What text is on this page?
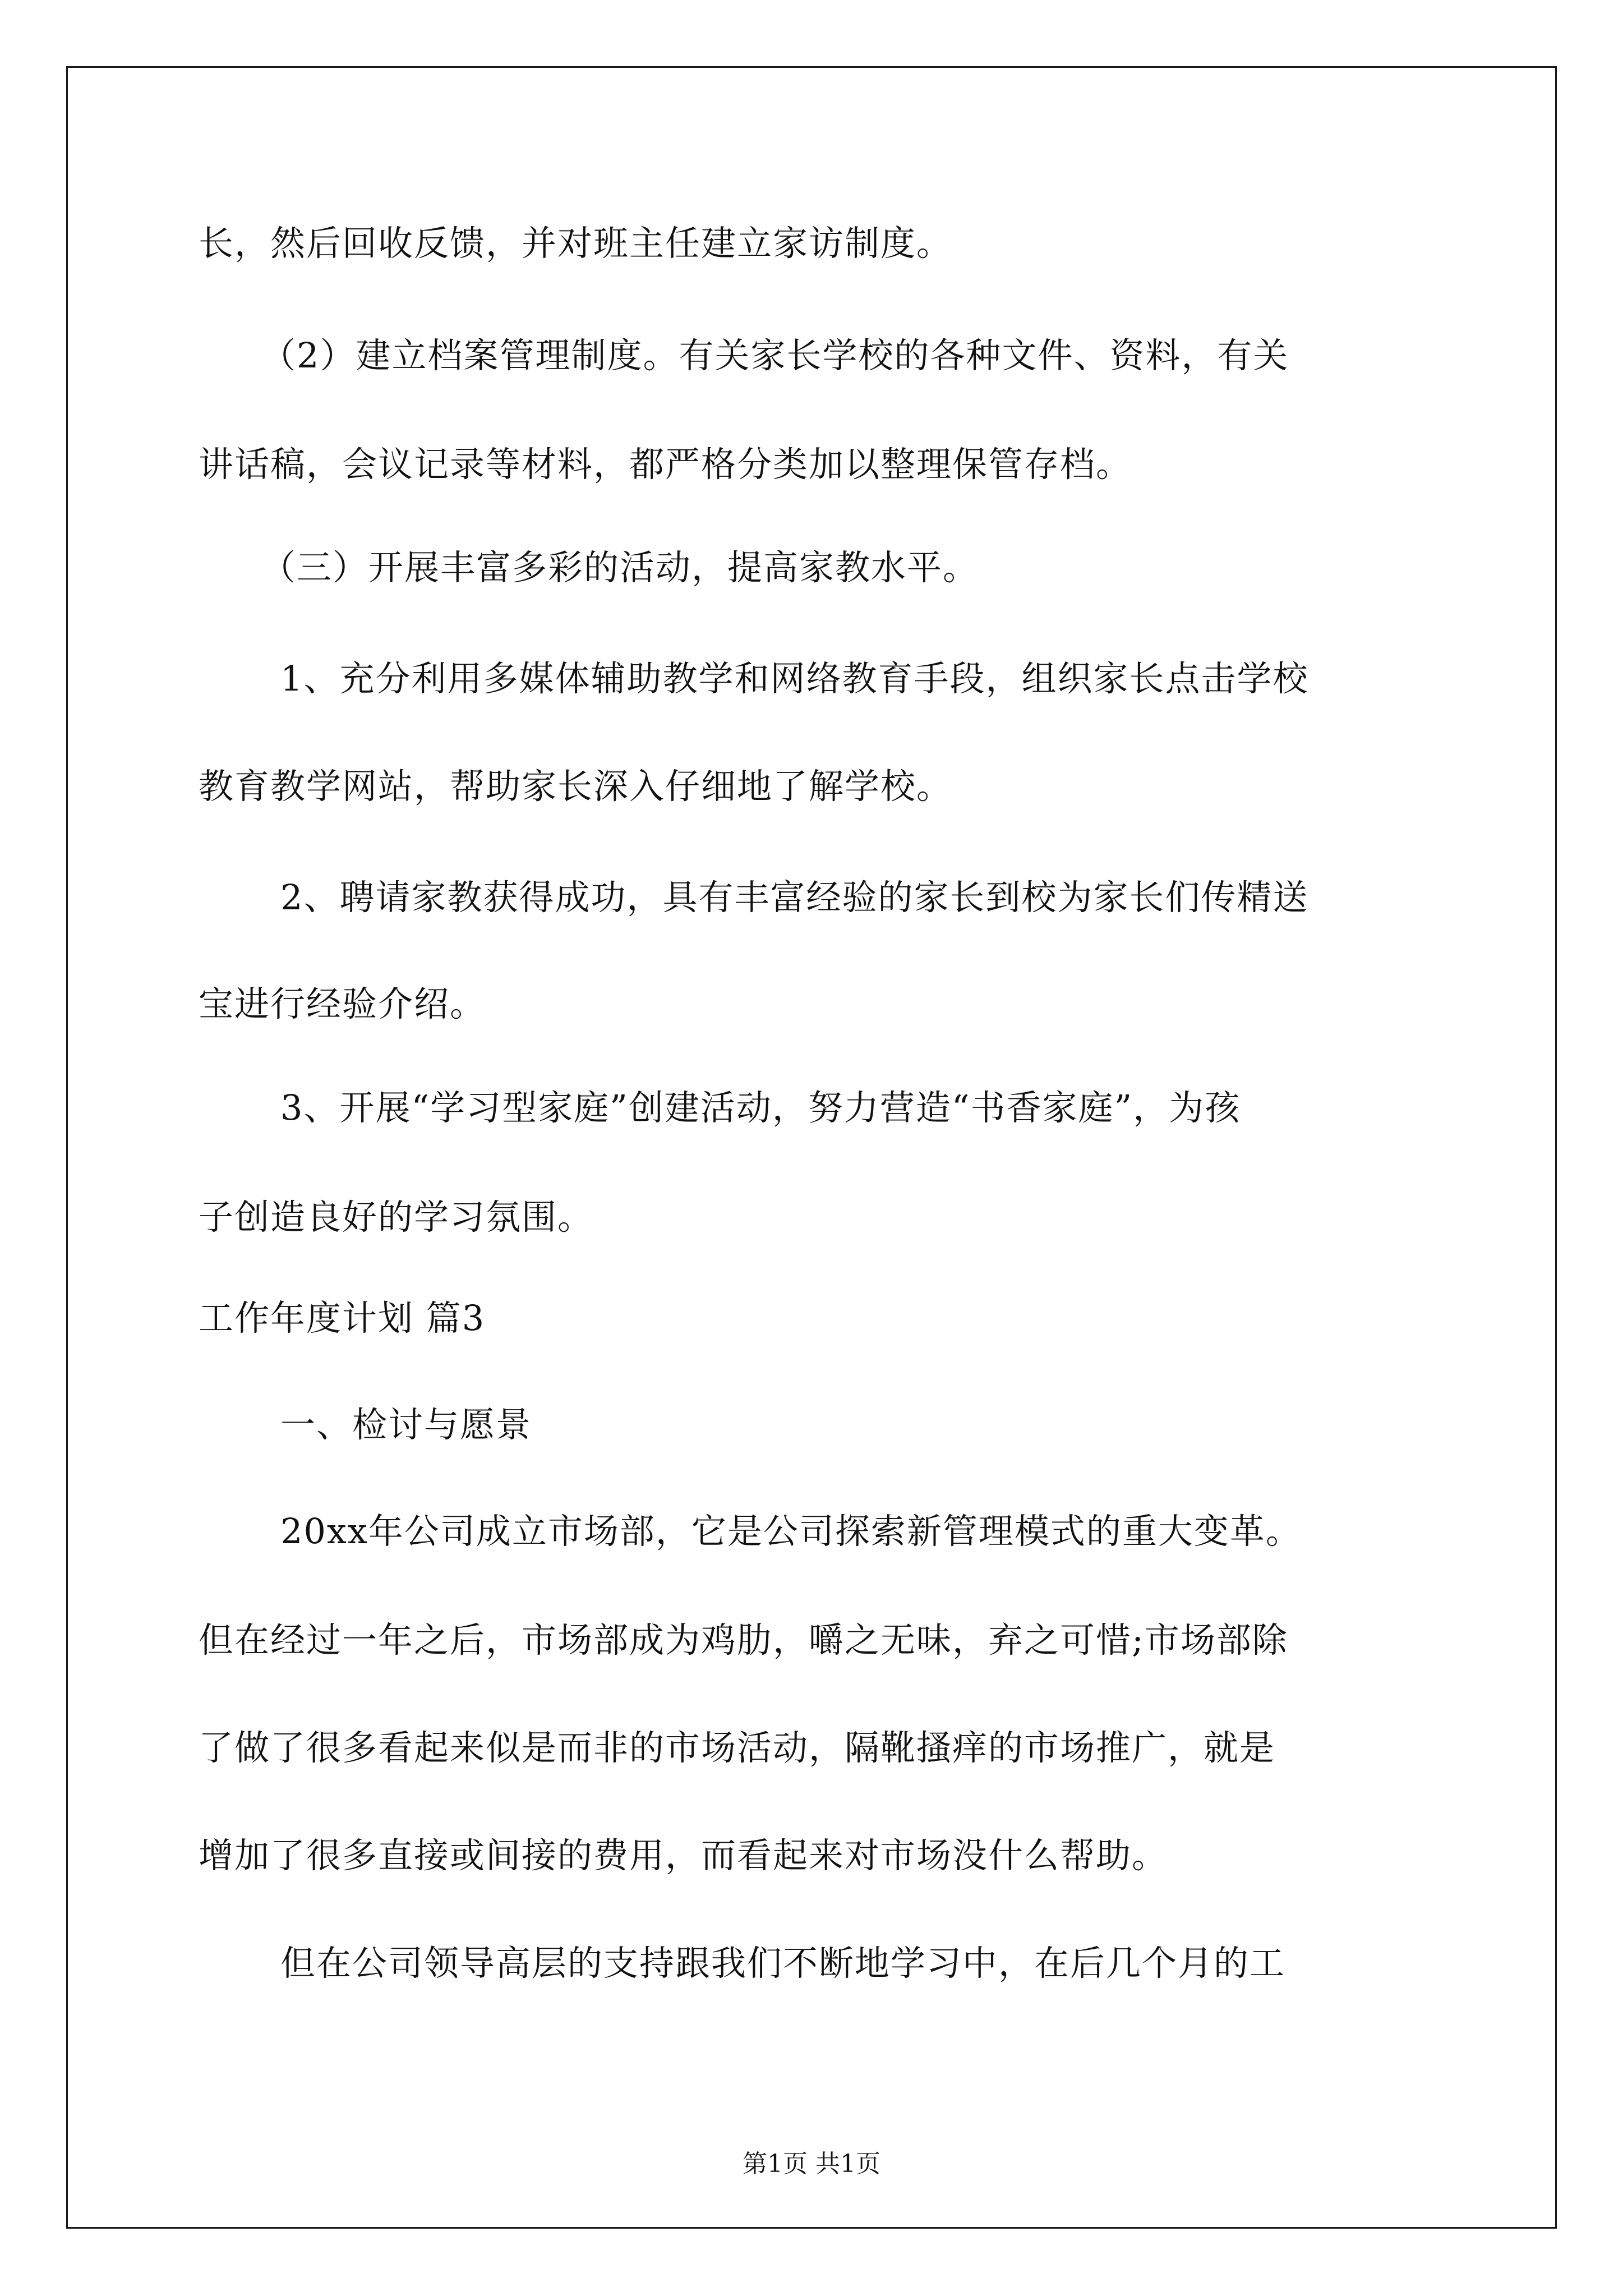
长，然后回收反馈，并对班主任建立家访制度。
（2）建立档案管理制度。有关家长学校的各种文件、资料，有关
讲话稿，会议记录等材料，都严格分类加以整理保管存档。
（三）开展丰富多彩的活动，提高家教水平。
1、充分利用多媒体辅助教学和网络教育手段，组织家长点击学校
教育教学网站，帮助家长深入仔细地了解学校。
2、聘请家教获得成功，具有丰富经验的家长到校为家长们传精送
宝进行经验介绍。
3、开展“学习型家庭”创建活动，努力营造“书香家庭”，为孩
子创造良好的学习氛围。
工作年度计划 篇3
一、检讨与愿景
20xx年公司成立市场部，它是公司探索新管理模式的重大变革。
但在经过一年之后，市场部成为鸡肋，嚼之无味，弃之可惜;市场部除
了做了很多看起来似是而非的市场活动，隔靴搔痒的市场推广，就是
增加了很多直接或间接的费用，而看起来对市场没什么帮助。
但在公司领导高层的支持跟我们不断地学习中，在后几个月的工
第1页 共1页
